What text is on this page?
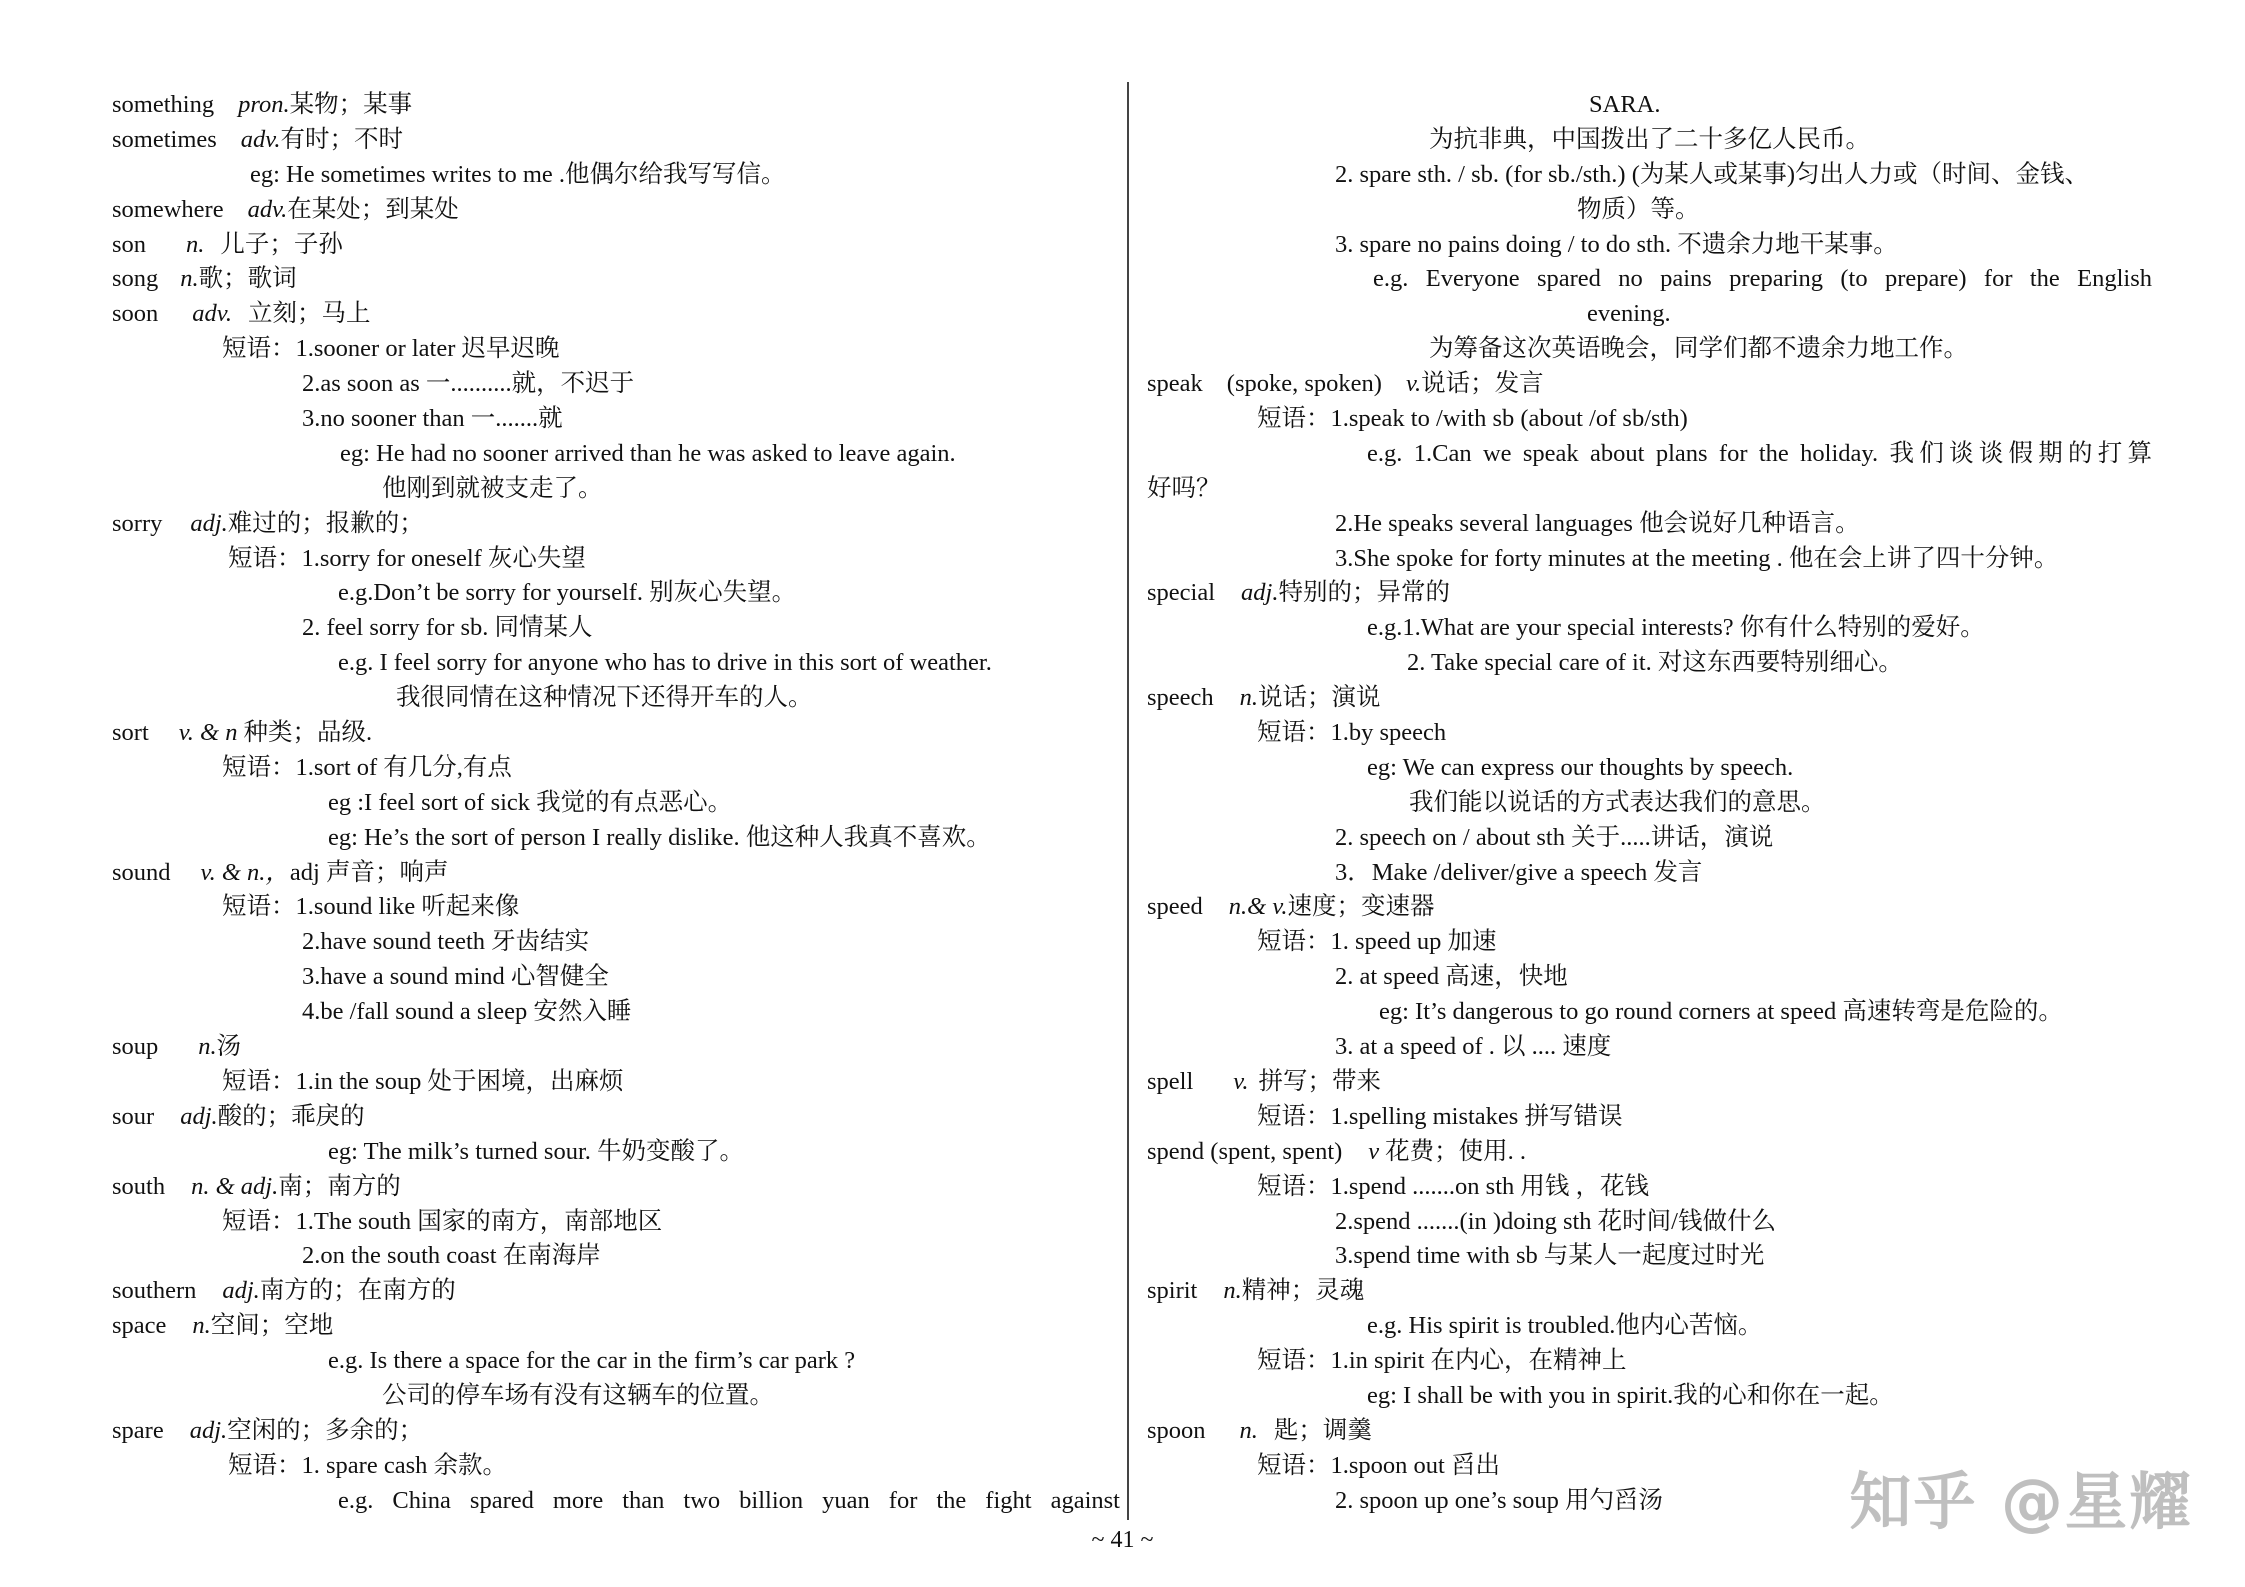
something pron.某物；某事
sometimes adv.有时；不时
eg: He sometimes writes to me .他偶尔给我写写信。
somewhere adv.在某处；到某处
son n. 儿子；子孙
song n.歌；歌词
soon adv. 立刻；马上
短语：1.sooner or later 迟早迟晚
2.as soon as 一..........就，不迟于
3.no sooner than 一.......就
eg: He had no sooner arrived than he was asked to leave again.
他刚到就被支走了。
sorry adj.难过的；报歉的；
短语：1.sorry for oneself 灰心失望
e.g.Don’t be sorry for yourself. 别灰心失望。
2. feel sorry for sb. 同情某人
e.g. I feel sorry for anyone who has to drive in this sort of weather.
我很同情在这种情况下还得开车的人。
sort v. & n 种类；品级.
短语：1.sort of 有几分,有点
eg :I feel sort of sick 我觉的有点恶心。
eg: He’s the sort of person I really dislike. 他这种人我真不喜欢。
sound v. & n.，adj 声音；响声
短语：1.sound like 听起来像
2.have sound teeth 牙齿结实
3.have a sound mind 心智健全
4.be /fall sound a sleep 安然入睡
soup n.汤
短语：1.in the soup 处于困境，出麻烦
sour adj.酸的；乖戾的
eg: The milk’s turned sour. 牛奶变酸了。
south n. & adj.南；南方的
短语：1.The south 国家的南方，南部地区
2.on the south coast 在南海岸
southern adj.南方的；在南方的
space n.空间；空地
e.g. Is there a space for the car in the firm’s car park ?
公司的停车场有没有这辆车的位置。
spare adj.空闲的；多余的；
短语：1. spare cash 余款。
e.g. China spared more than two billion yuan for the fight against
SARA.
为抗非典，中国拨出了二十多亿人民币。
2. spare sth. / sb. (for sb./sth.) (为某人或某事)匀出人力或（时间、金钱、
物质）等。
3. spare no pains doing / to do sth. 不遗余力地干某事。
e.g. Everyone spared no pains preparing (to prepare) for the English
evening.
为筹备这次英语晚会，同学们都不遗余力地工作。
speak (spoke, spoken) v.说话；发言
短语：1.speak to /with sb (about /of sb/sth)
e.g. 1.Can we speak about plans for the holiday. 我们谈谈假期的打算
好吗？
2.He speaks several languages 他会说好几种语言。
3.She spoke for forty minutes at the meeting . 他在会上讲了四十分钟。
special adj.特别的；异常的
e.g.1.What are your special interests? 你有什么特别的爱好。
2. Take special care of it. 对这东西要特别细心。
speech n.说话；演说
短语：1.by speech
eg: We can express our thoughts by speech.
我们能以说话的方式表达我们的意思。
2. speech on / about sth 关于.....讲话，演说
3．Make /deliver/give a speech 发言
speed n.& v.速度；变速器
短语：1. speed up 加速
2. at speed 高速，快地
eg: It’s dangerous to go round corners at speed 高速转弯是危险的。
3. at a speed of . 以 .... 速度
spell v. 拼写；带来
短语：1.spelling mistakes 拼写错误
spend (spent, spent) v 花费；使用. .
短语：1.spend .......on sth 用钱 ，花钱
2.spend .......(in )doing sth 花时间/钱做什么
3.spend time with sb 与某人一起度过时光
spirit n.精神；灵魂
e.g. His spirit is troubled.他内心苦恼。
短语：1.in spirit 在内心，在精神上
eg: I shall be with you in spirit.我的心和你在一起。
spoon n. 匙；调羹
短语：1.spoon out 舀出
2. spoon up one’s soup 用勺舀汤
~ 41 ~
知乎 @星耀
